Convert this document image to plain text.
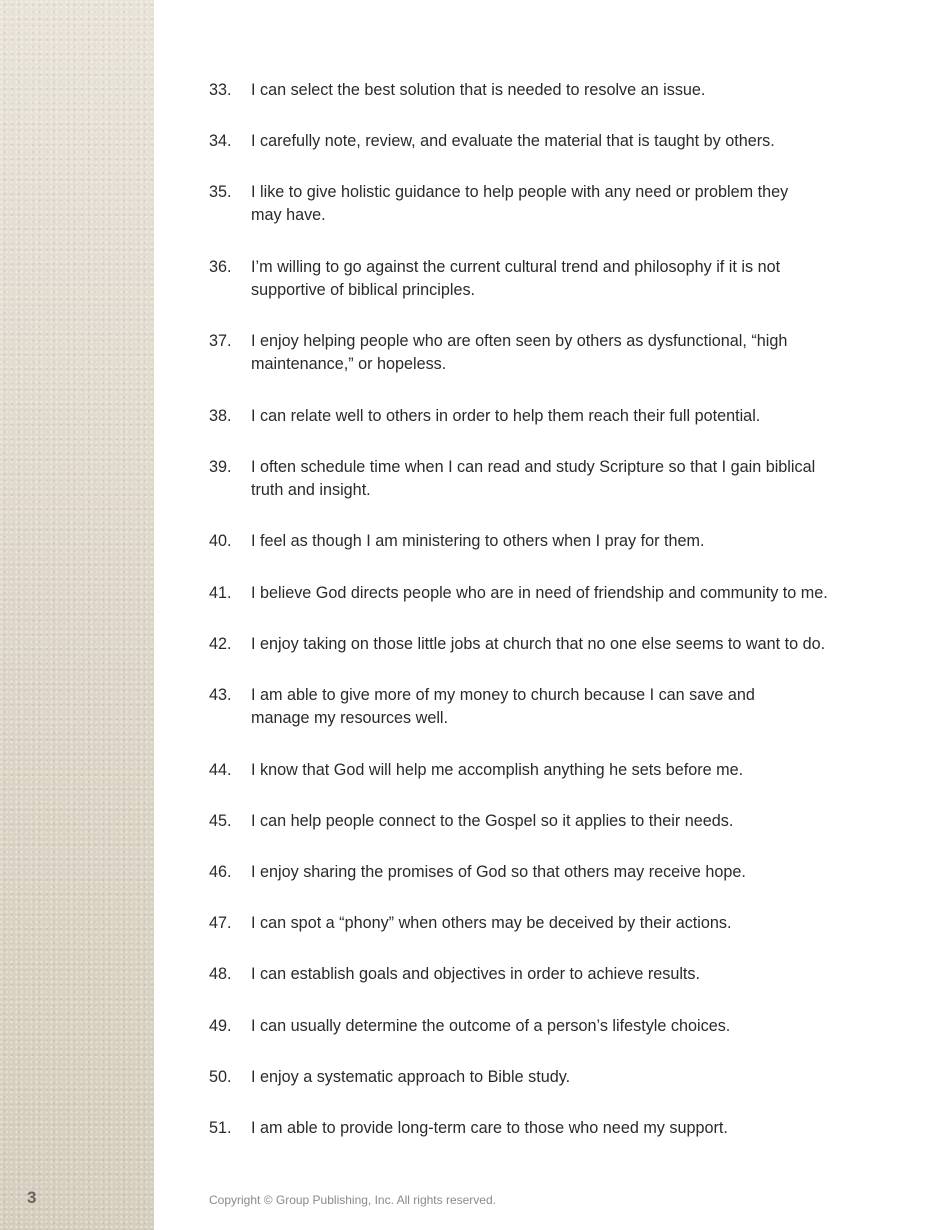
3
33. I can select the best solution that is needed to resolve an issue.
34. I carefully note, review, and evaluate the material that is taught by others.
35. I like to give holistic guidance to help people with any need or problem they
may have.
36. I’m willing to go against the current cultural trend and philosophy if it is not
supportive of biblical principles.
37. I enjoy helping people who are often seen by others as dysfunctional, “high
maintenance,” or hopeless.
38. I can relate well to others in order to help them reach their full potential.
39. I often schedule time when I can read and study Scripture so that I gain biblical
truth and insight.
40. I feel as though I am ministering to others when I pray for them.
41. I believe God directs people who are in need of friendship and community to me.
42. I enjoy taking on those little jobs at church that no one else seems to want to do.
43. I am able to give more of my money to church because I can save and
manage my resources well.
44. I know that God will help me accomplish anything he sets before me.
45. I can help people connect to the Gospel so it applies to their needs.
46. I enjoy sharing the promises of God so that others may receive hope.
47. I can spot a “phony” when others may be deceived by their actions.
48. I can establish goals and objectives in order to achieve results.
49. I can usually determine the outcome of a person’s lifestyle choices.
50. I enjoy a systematic approach to Bible study.
51. I am able to provide long-term care to those who need my support.
Copyright © Group Publishing, Inc. All rights reserved.
